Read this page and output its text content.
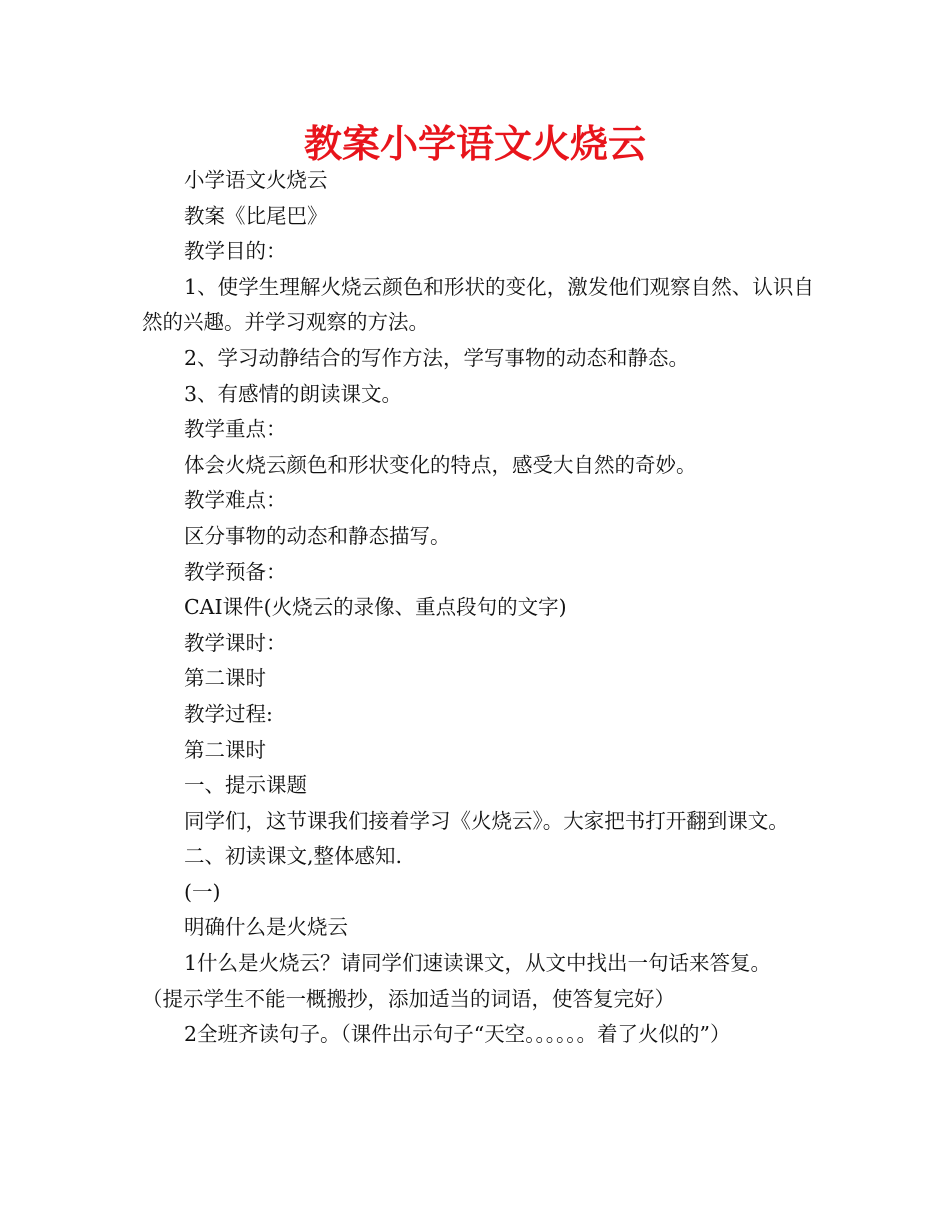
教案小学语文火烧云

小学语文火烧云

教案《比尾巴》

教学目的：

1、使学生理解火烧云颜色和形状的变化，激发他们观察自然、认识自然的兴趣。并学习观察的方法。

2、学习动静结合的写作方法，学写事物的动态和静态。

3、有感情的朗读课文。

教学重点：

体会火烧云颜色和形状变化的特点，感受大自然的奇妙。

教学难点：

区分事物的动态和静态描写。

教学预备：

CAI课件(火烧云的录像、重点段句的文字)

教学课时：

第二课时

教学过程:

第二课时

一、提示课题

同学们，这节课我们接着学习《火烧云》。大家把书打开翻到课文。

二、初读课文,整体感知.

(一)

明确什么是火烧云

1什么是火烧云？请同学们速读课文，从文中找出一句话来答复。

（提示学生不能一概搬抄，添加适当的词语，使答复完好）

2全班齐读句子。（课件出示句子“天空。。。。。。着了火似的”）
